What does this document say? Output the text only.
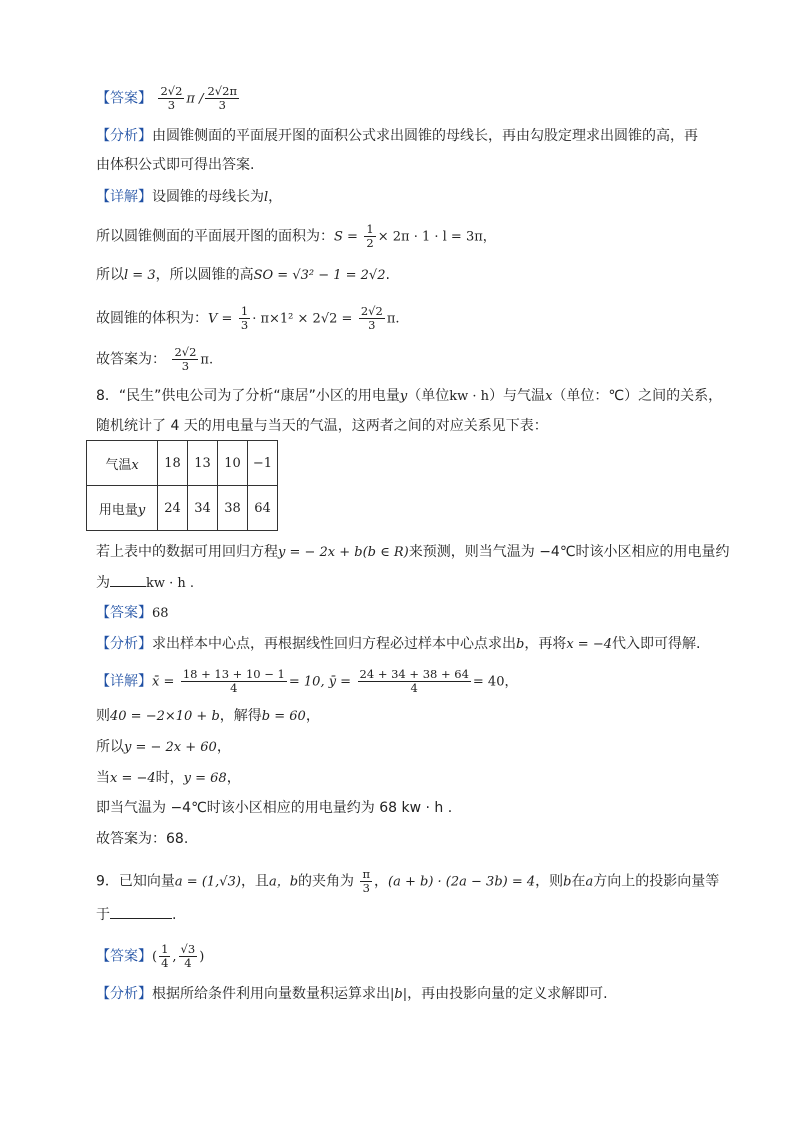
【答案】 $\frac{2√2}{3}$ π / $\frac{2√2\pi}{3}$
【分析】由圆锥侧面的平面展开图的面积公式求出圆锥的母线长，再由勾股定理求出圆锥的高，再
由体积公式即可得出答案.
【详解】设圆锥的母线长为l，
所以圆锥侧面的平面展开图的面积为：$S = \frac{1}{2} \times 2\pi \cdot 1 \cdot l = 3\pi$，
所以l = 3，所以圆锥的高SO = √3² − 1 = 2√2.
故圆锥的体积为：$V = \frac{1}{3} \cdot \pi\times 1^2 \times 2√2 = \frac{2√2}{3} \pi$.
故答案为： $\frac{2√2}{3} \pi$.
8．“民生”供电公司为了分析“康居”小区的用电量y（单位kw · h）与气温x（单位：℃）之间的关系，
随机统计了 4 天的用电量与当天的气温，这两者之间的对应关系见下表：
气温x	18	13	10	−1
用电量y	24	34	38	64
若上表中的数据可用回归方程y = − 2x + b(b ∈ R)来预测，则当气温为 −4℃时该小区相应的用电量约
为	kw · h .
【答案】68
【分析】求出样本中心点，再根据线性回归方程必过样本中心点求出b，再将x = −4代入即可得解.
【详解】x̄ = $\frac{18 + 13 + 10 - 1}{4} = 10$, ȳ = $\frac{24 + 34 + 38 + 64}{4} = 40$，
则40 = −2×10 + b，解得b = 60，
所以y = − 2x + 60，
当x = −4时，y = 68，
即当气温为 −4℃时该小区相应的用电量约为 68 kw · h .
故答案为：68.
9．已知向量a = (1,√3)，且a，b的夹角为 $\frac{\pi}{3}$ ，(a + b) · (2a − 3b) = 4，则b在a方向上的投影向量等
于	.
【答案】( $\frac{1}{4}$ , $\frac{√3}{4}$ )
【分析】根据所给条件利用向量数量积运算求出|b|，再由投影向量的定义求解即可.
